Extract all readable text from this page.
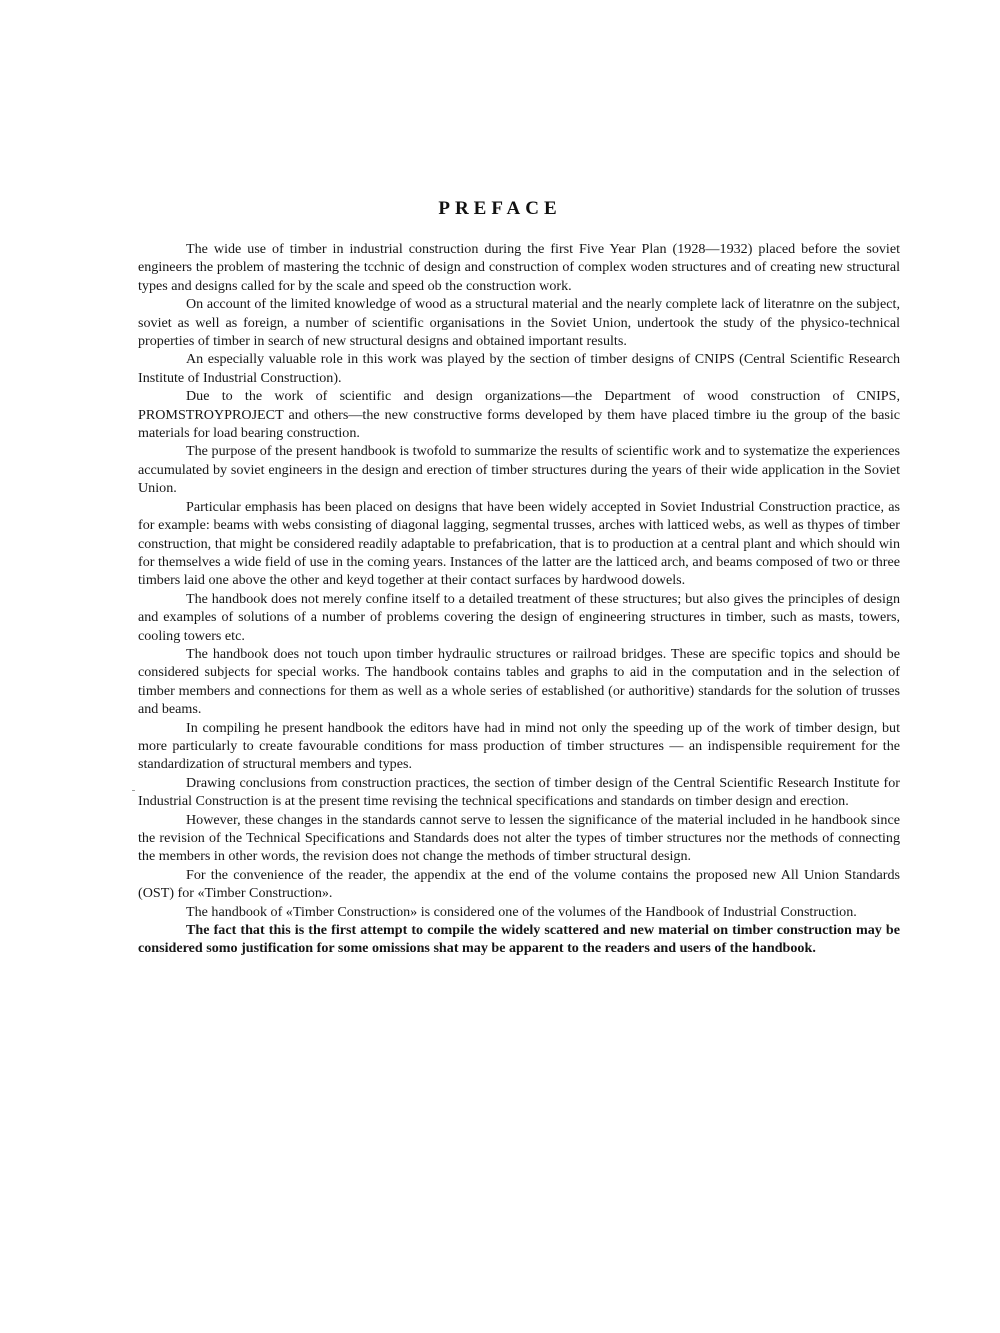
PREFACE

The wide use of timber in industrial construction during the first Five Year Plan (1928—1932) placed before the soviet engineers the problem of mastering the tcchnic of design and construction of complex woden structures and of creating new structural types and designs called for by the scale and speed ob the construction work.

On account of the limited knowledge of wood as a structural material and the nearly complete lack of literatnre on the subject, soviet as well as foreign, a number of scientific organisations in the Soviet Union, undertook the study of the physico-technical properties of timber in search of new structural designs and obtained important results.

An especially valuable role in this work was played by the section of timber designs of CNIPS (Central Scientific Research Institute of Industrial Construction).

Due to the work of scientific and design organizations—the Department of wood construction of CNIPS, PROMSTROYPROJECT and others—the new constructive forms developed by them have placed timbre iu the group of the basic materials for load bearing construction.

The purpose of the present handbook is twofold to summarize the results of scientific work and to systematize the experiences accumulated by soviet engineers in the design and erection of timber structures during the years of their wide application in the Soviet Union.

Particular emphasis has been placed on designs that have been widely accepted in Soviet Industrial Construction practice, as for example: beams with webs consisting of diagonal lagging, segmental trusses, arches with latticed webs, as well as thypes of timber construction, that might be considered readily adaptable to prefabrication, that is to production at a central plant and which should win for themselves a wide field of use in the coming years. Instances of the latter are the latticed arch, and beams composed of two or three timbers laid one above the other and keyd together at their contact surfaces by hardwood dowels.

The handbook does not merely confine itself to a detailed treatment of these structures; but also gives the principles of design and examples of solutions of a number of problems covering the design of engineering structures in timber, such as masts, towers, cooling towers etc.

The handbook does not touch upon timber hydraulic structures or railroad bridges. These are specific topics and should be considered subjects for special works. The handbook contains tables and graphs to aid in the computation and in the selection of timber members and connections for them as well as a whole series of established (or authoritive) standards for the solution of trusses and beams.

In compiling he present handbook the editors have had in mind not only the speeding up of the work of timber design, but more particularly to create favourable conditions for mass production of timber structures — an indispensible requirement for the standardization of structural members and types.

Drawing conclusions from construction practices, the section of timber design of the Central Scientific Research Institute for Industrial Construction is at the present time revising the technical specifications and standards on timber design and erection.

However, these changes in the standards cannot serve to lessen the significance of the material included in he handbook since the revision of the Technical Specifications and Standards does not alter the types of timber structures nor the methods of connecting the members in other words, the revision does not change the methods of timber structural design.

For the convenience of the reader, the appendix at the end of the volume contains the proposed new All Union Standards (OST) for «Timber Construction».

The handbook of «Timber Construction» is considered one of the volumes of the Handbook of Industrial Construction.

The fact that this is the first attempt to compile the widely scattered and new material on timber construction may be considered somo justification for some omissions shat may be apparent to the readers and users of the handbook.
